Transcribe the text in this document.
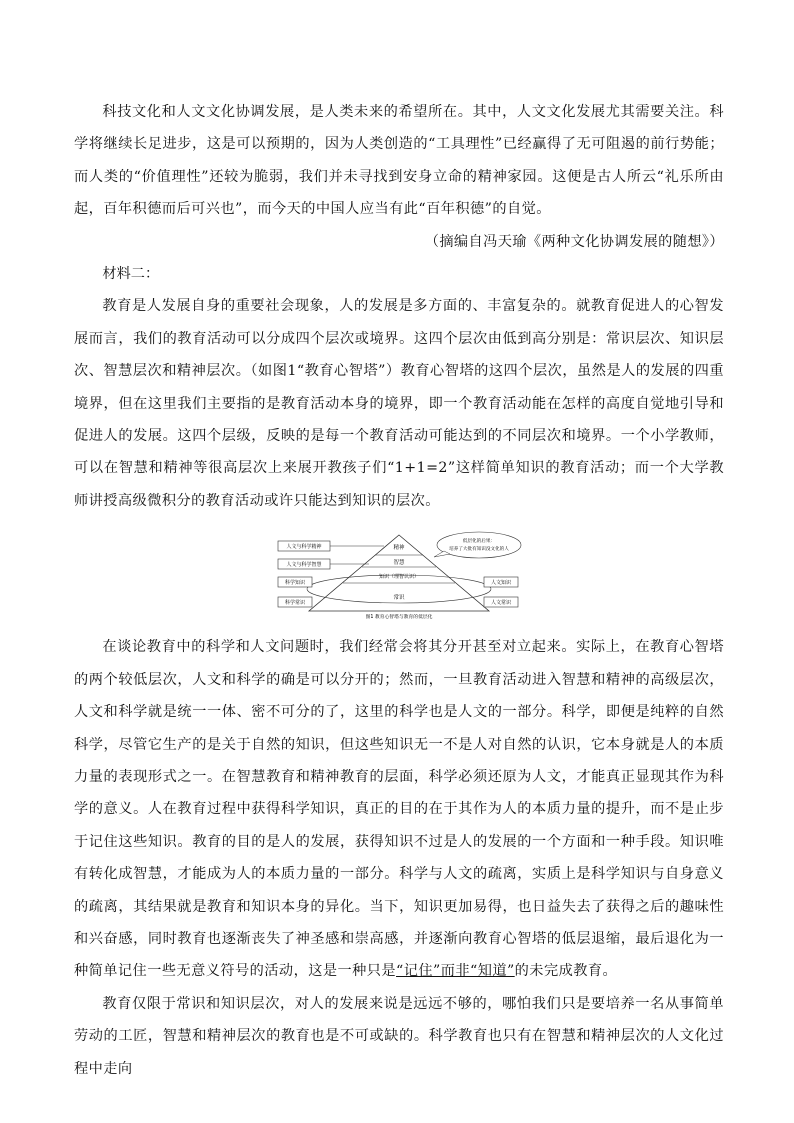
科技文化和人文文化协调发展，是人类未来的希望所在。其中，人文文化发展尤其需要关注。科学将继续长足进步，这是可以预期的，因为人类创造的“工具理性”已经赢得了无可阻遏的前行势能；而人类的“价值理性”还较为脆弱，我们并未寻找到安身立命的精神家园。这便是古人所云“礼乐所由起，百年积德而后可兴也”，而今天的中国人应当有此“百年积德”的自觉。

（摘编自冯天瑜《两种文化协调发展的随想》）

材料二：

教育是人发展自身的重要社会现象，人的发展是多方面的、丰富复杂的。就教育促进人的心智发展而言，我们的教育活动可以分成四个层次或境界。这四个层次由低到高分别是：常识层次、知识层次、智慧层次和精神层次。（如图1“教育心智塔”）教育心智塔的这四个层次，虽然是人的发展的四重境界，但在这里我们主要指的是教育活动本身的境界，即一个教育活动能在怎样的高度自觉地引导和促进人的发展。这四个层级，反映的是每一个教育活动可能达到的不同层次和境界。一个小学教师，可以在智慧和精神等很高层次上来展开教孩子们“1+1=2”这样简单知识的教育活动；而一个大学教师讲授高级微积分的教育活动或许只能达到知识的层次。

精神
智慧
知识（理智认识）
常识
人文与科学精神
人文与科学智慧
科学知识
科学常识
人文知识
人文常识
低层化的后果：
培养了大批有知识没文化的人
图1 教育心智塔与教育的低层化

在谈论教育中的科学和人文问题时，我们经常会将其分开甚至对立起来。实际上，在教育心智塔的两个较低层次，人文和科学的确是可以分开的；然而，一旦教育活动进入智慧和精神的高级层次，人文和科学就是统一一体、密不可分的了，这里的科学也是人文的一部分。科学，即便是纯粹的自然科学，尽管它生产的是关于自然的知识，但这些知识无一不是人对自然的认识，它本身就是人的本质力量的表现形式之一。在智慧教育和精神教育的层面，科学必须还原为人文，才能真正显现其作为科学的意义。人在教育过程中获得科学知识，真正的目的在于其作为人的本质力量的提升，而不是止步于记住这些知识。教育的目的是人的发展，获得知识不过是人的发展的一个方面和一种手段。知识唯有转化成智慧，才能成为人的本质力量的一部分。科学与人文的疏离，实质上是科学知识与自身意义的疏离，其结果就是教育和知识本身的异化。当下，知识更加易得，也日益失去了获得之后的趣味性和兴奋感，同时教育也逐渐丧失了神圣感和崇高感，并逐渐向教育心智塔的低层退缩，最后退化为一种简单记住一些无意义符号的活动，这是一种只是“记住”而非“知道”的未完成教育。

教育仅限于常识和知识层次，对人的发展来说是远远不够的，哪怕我们只是要培养一名从事简单劳动的工匠，智慧和精神层次的教育也是不可或缺的。科学教育也只有在智慧和精神层次的人文化过程中走向
